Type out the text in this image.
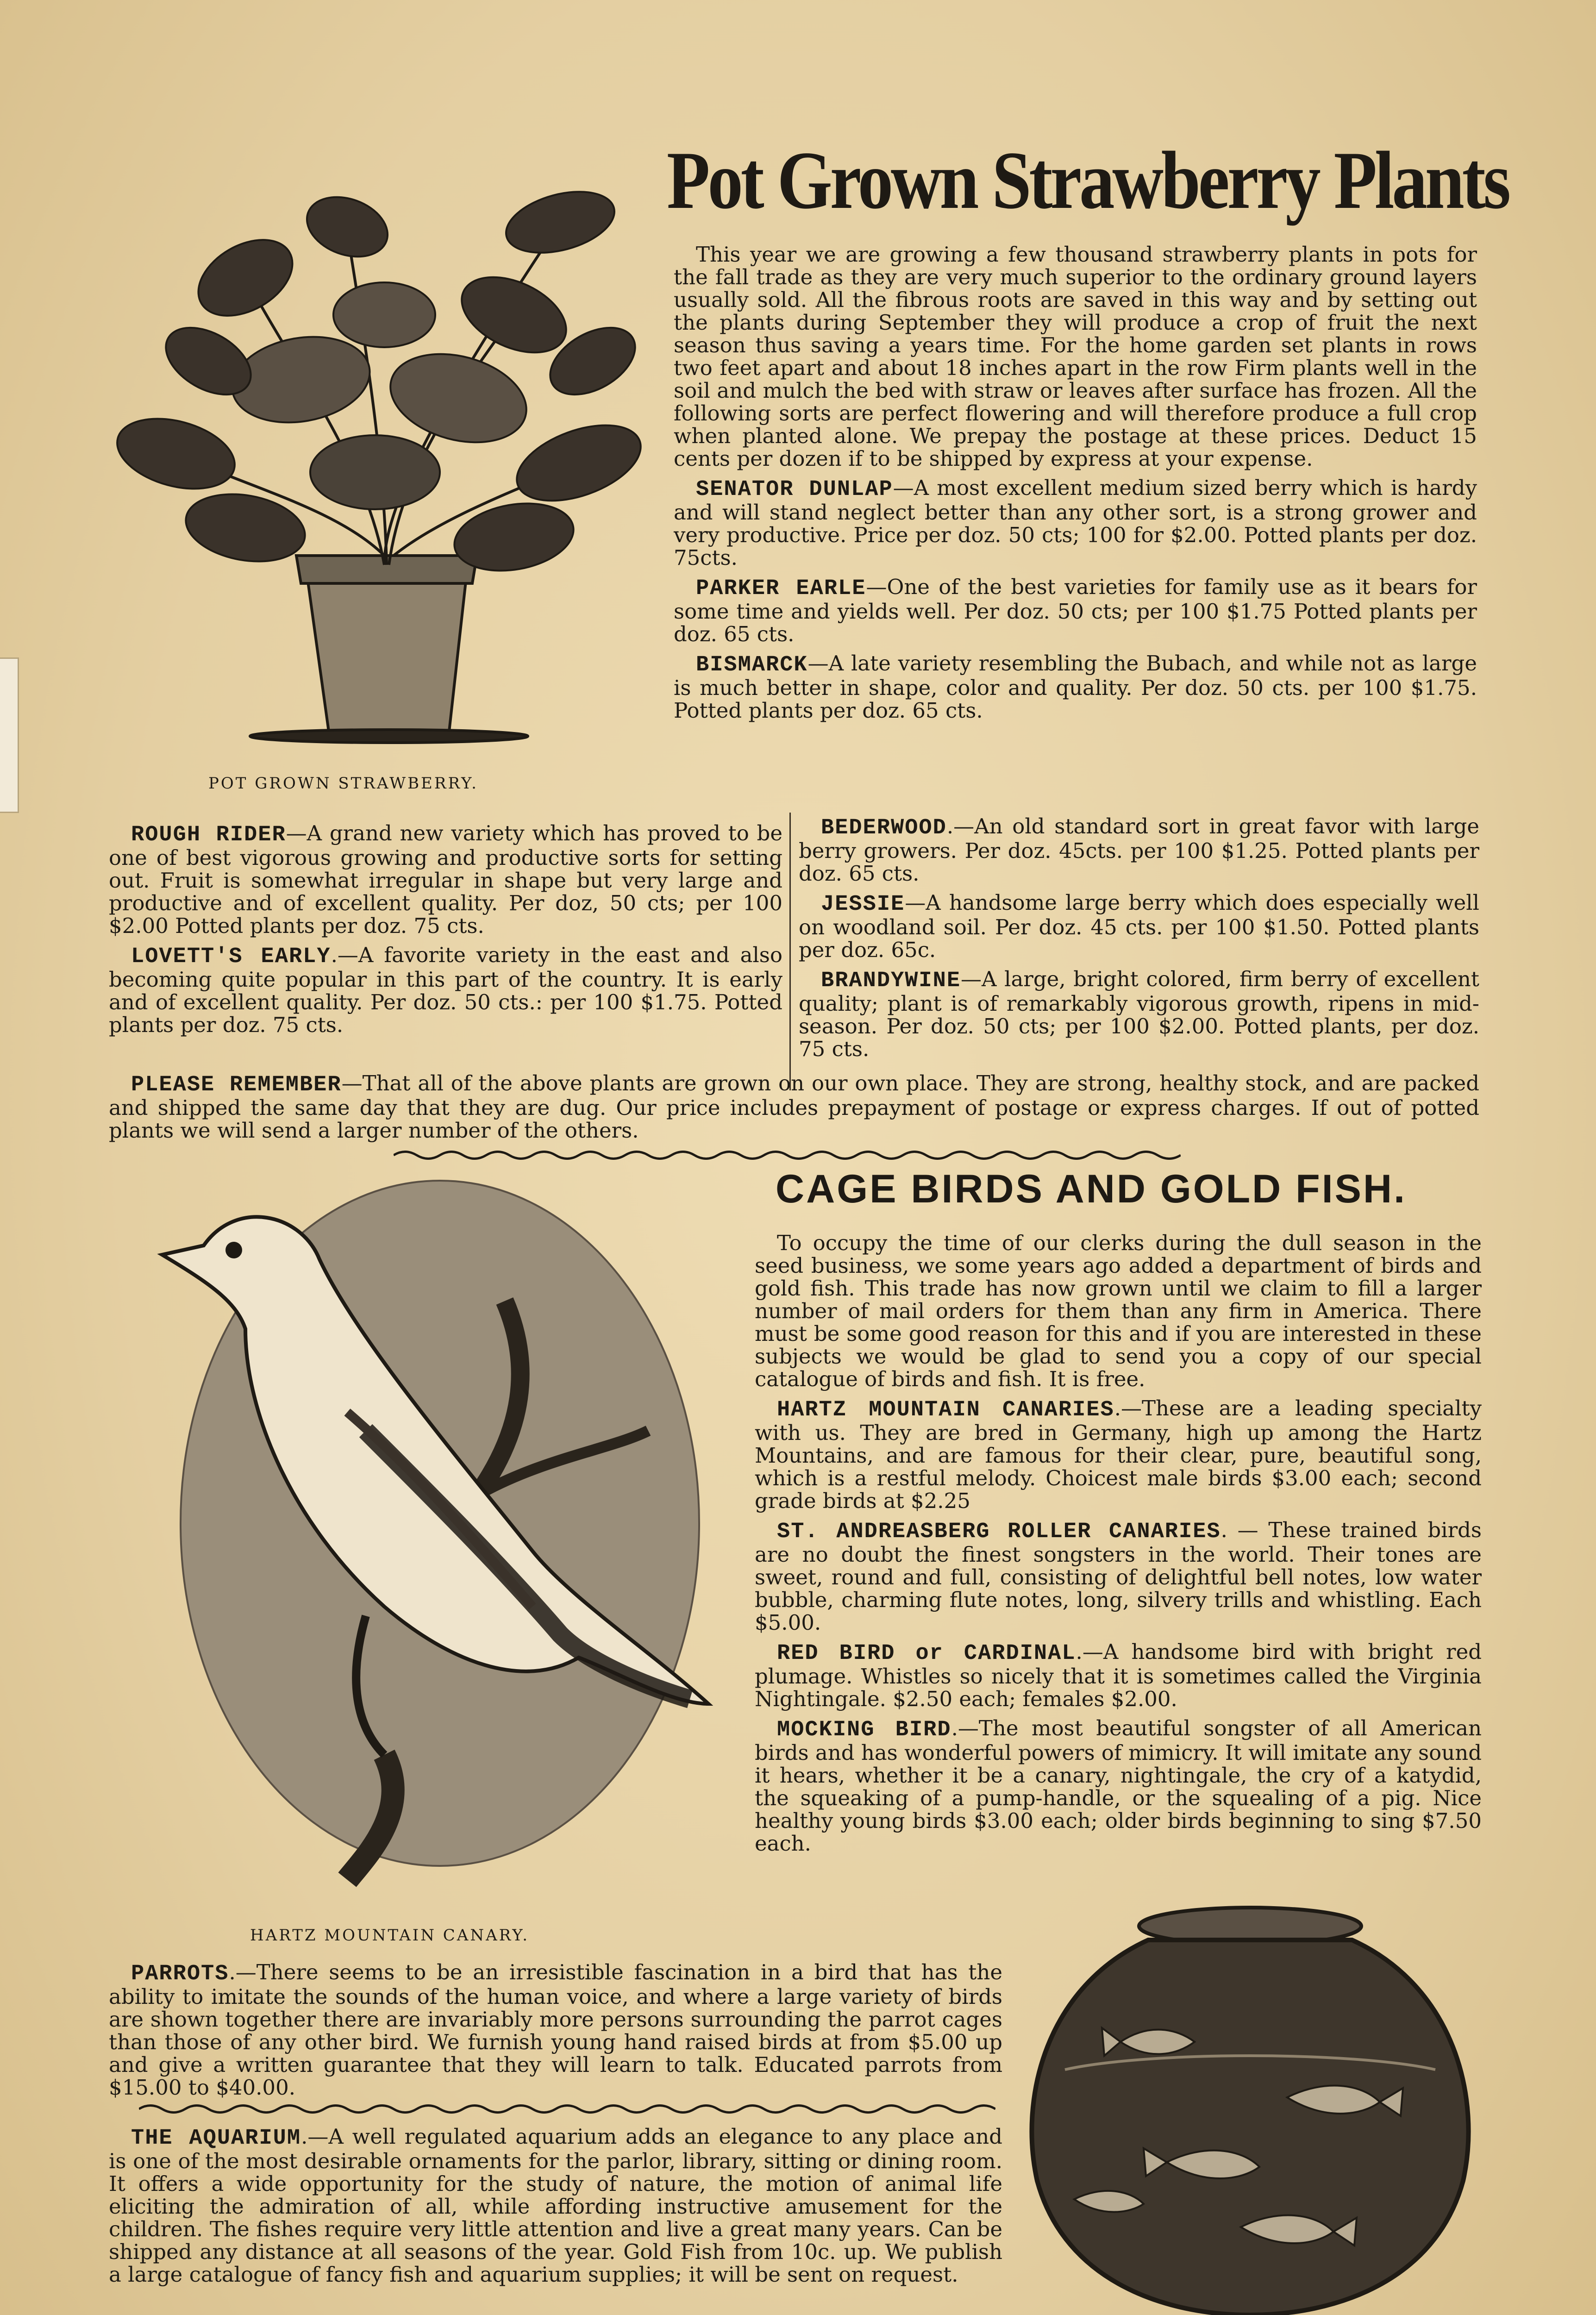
POT GROWN STRAWBERRY.
Pot Grown Strawberry Plants

This year we are growing a few thousand strawberry plants in pots for the fall trade as they are very much superior to the ordinary ground layers usually sold. All the fibrous roots are saved in this way and by setting out the plants during September they will produce a crop of fruit the next season thus saving a years time. For the home garden set plants in rows two feet apart and about 18 inches apart in the row Firm plants well in the soil and mulch the bed with straw or leaves after surface has frozen. All the following sorts are perfect flowering and will therefore produce a full crop when planted alone. We prepay the postage at these prices. Deduct 15 cents per dozen if to be shipped by express at your expense.

SENATOR DUNLAP—A most excellent medium sized berry which is hardy and will stand neglect better than any other sort, is a strong grower and very productive. Price per doz. 50 cts; 100 for $2.00. Potted plants per doz. 75cts.

PARKER EARLE—One of the best varieties for family use as it bears for some time and yields well. Per doz. 50 cts; per 100 $1.75 Potted plants per doz. 65 cts.

BISMARCK—A late variety resembling the Bubach, and while not as large is much better in shape, color and quality. Per doz. 50 cts. per 100 $1.75. Potted plants per doz. 65 cts.

ROUGH RIDER—A grand new variety which has proved to be one of best vigorous growing and productive sorts for setting out. Fruit is somewhat irregular in shape but very large and productive and of excellent quality. Per doz, 50 cts; per 100 $2.00 Potted plants per doz. 75 cts.

LOVETT'S EARLY.—A favorite variety in the east and also becoming quite popular in this part of the country. It is early and of excellent quality. Per doz. 50 cts.: per 100 $1.75. Potted plants per doz. 75 cts.

BEDERWOOD.—An old standard sort in great favor with large berry growers. Per doz. 45cts. per 100 $1.25. Potted plants per doz. 65 cts.

JESSIE—A handsome large berry which does especially well on woodland soil. Per doz. 45 cts. per 100 $1.50. Potted plants per doz. 65c.

BRANDYWINE—A large, bright colored, firm berry of excellent quality; plant is of remarkably vigorous growth, ripens in mid-season. Per doz. 50 cts; per 100 $2.00. Potted plants, per doz. 75 cts.

PLEASE REMEMBER—That all of the above plants are grown on our own place. They are strong, healthy stock, and are packed and shipped the same day that they are dug. Our price includes prepayment of postage or express charges. If out of potted plants we will send a larger number of the others.

HARTZ MOUNTAIN CANARY.
CAGE BIRDS AND GOLD FISH.

To occupy the time of our clerks during the dull season in the seed business, we some years ago added a department of birds and gold fish. This trade has now grown until we claim to fill a larger number of mail orders for them than any firm in America. There must be some good reason for this and if you are interested in these subjects we would be glad to send you a copy of our special catalogue of birds and fish. It is free.

HARTZ MOUNTAIN CANARIES.—These are a leading specialty with us. They are bred in Germany, high up among the Hartz Mountains, and are famous for their clear, pure, beautiful song, which is a restful melody. Choicest male birds $3.00 each; second grade birds at $2.25

ST. ANDREASBERG ROLLER CANARIES. — These trained birds are no doubt the finest songsters in the world. Their tones are sweet, round and full, consisting of delightful bell notes, low water bubble, charming flute notes, long, silvery trills and whistling. Each $5.00.

RED BIRD or CARDINAL.—A handsome bird with bright red plumage. Whistles so nicely that it is sometimes called the Virginia Nightingale. $2.50 each; females $2.00.

MOCKING BIRD.—The most beautiful songster of all American birds and has wonderful powers of mimicry. It will imitate any sound it hears, whether it be a canary, nightingale, the cry of a katydid, the squeaking of a pump-handle, or the squealing of a pig. Nice healthy young birds $3.00 each; older birds beginning to sing $7.50 each.

PARROTS.—There seems to be an irresistible fascination in a bird that has the ability to imitate the sounds of the human voice, and where a large variety of birds are shown together there are invariably more persons surrounding the parrot cages than those of any other bird. We furnish young hand raised birds at from $5.00 up and give a written guarantee that they will learn to talk. Educated parrots from $15.00 to $40.00.

THE AQUARIUM.—A well regulated aquarium adds an elegance to any place and is one of the most desirable ornaments for the parlor, library, sitting or dining room. It offers a wide opportunity for the study of nature, the motion of animal life eliciting the admiration of all, while affording instructive amusement for the children. The fishes require very little attention and live a great many years. Can be shipped any distance at all seasons of the year. Gold Fish from 10c. up. We publish a large catalogue of fancy fish and aquarium supplies; it will be sent on request.
